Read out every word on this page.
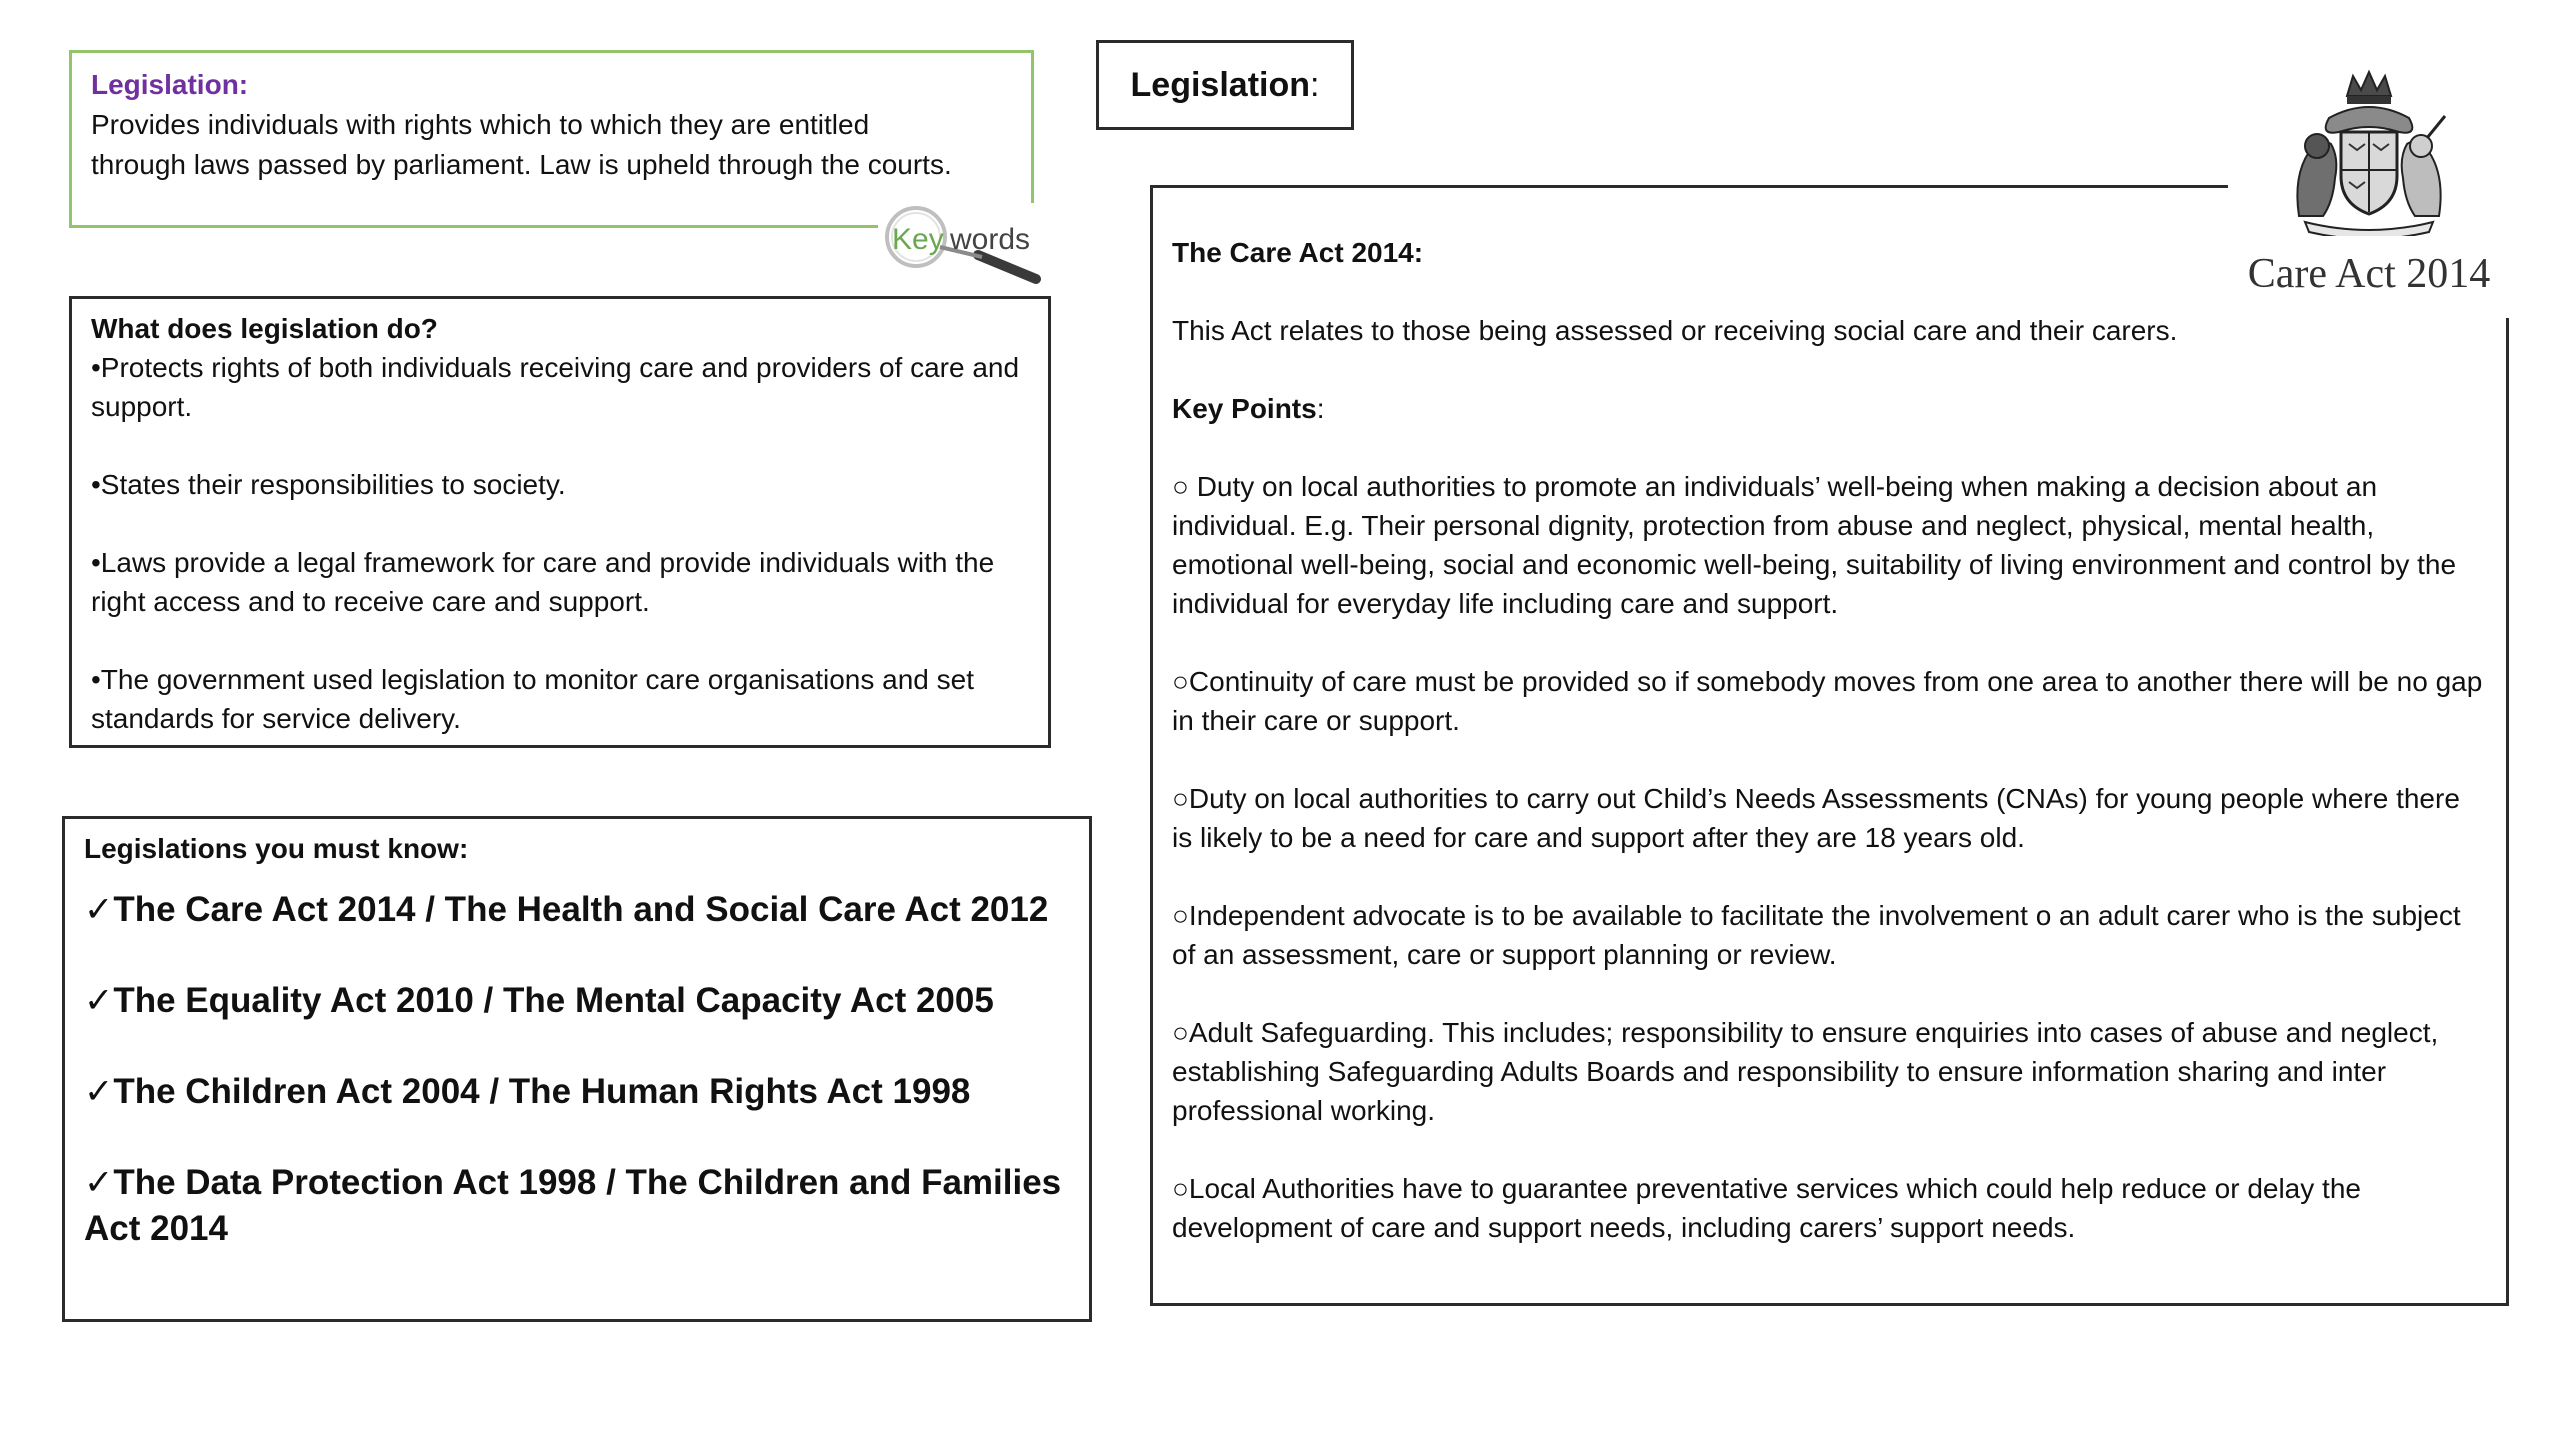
Legislation:

Provides individuals with rights which to which they are entitled

through laws passed by parliament. Law is upheld through the courts.

Key words

What does legislation do?

•Protects rights of both individuals receiving care and providers of care and support.

•States their responsibilities to society.

•Laws provide a legal framework for care and provide individuals with the right access and to receive care and support.

•The government used legislation to monitor care organisations and set standards for service delivery.

Legislations you must know:

✓The Care Act 2014 / The Health and Social Care Act 2012
✓The Equality Act 2010 / The Mental Capacity Act 2005
✓The Children Act 2004 / The Human Rights Act 1998
✓The Data Protection Act 1998 / The Children and Families Act 2014
Legislation:

The Care Act 2014:

This Act relates to those being assessed or receiving social care and their carers.

Key Points:

○ Duty on local authorities to promote an individuals’ well-being when making a decision about an individual. E.g. Their personal dignity, protection from abuse and neglect, physical, mental health, emotional well-being, social and economic well-being, suitability of living environment and control by the individual for everyday life including care and support.

○Continuity of care must be provided so if somebody moves from one area to another there will be no gap in their care or support.

○Duty on local authorities to carry out Child’s Needs Assessments (CNAs) for young people where there is likely to be a need for care and support after they are 18 years old.

○Independent advocate is to be available to facilitate the involvement o an adult carer who is the subject of an assessment, care or support planning or review.

○Adult Safeguarding. This includes; responsibility to ensure enquiries into cases of abuse and neglect, establishing Safeguarding Adults Boards and responsibility to ensure information sharing and inter professional working.

○Local Authorities have to guarantee preventative services which could help reduce or delay the development of care and support needs, including carers’ support needs.

Care Act 2014
